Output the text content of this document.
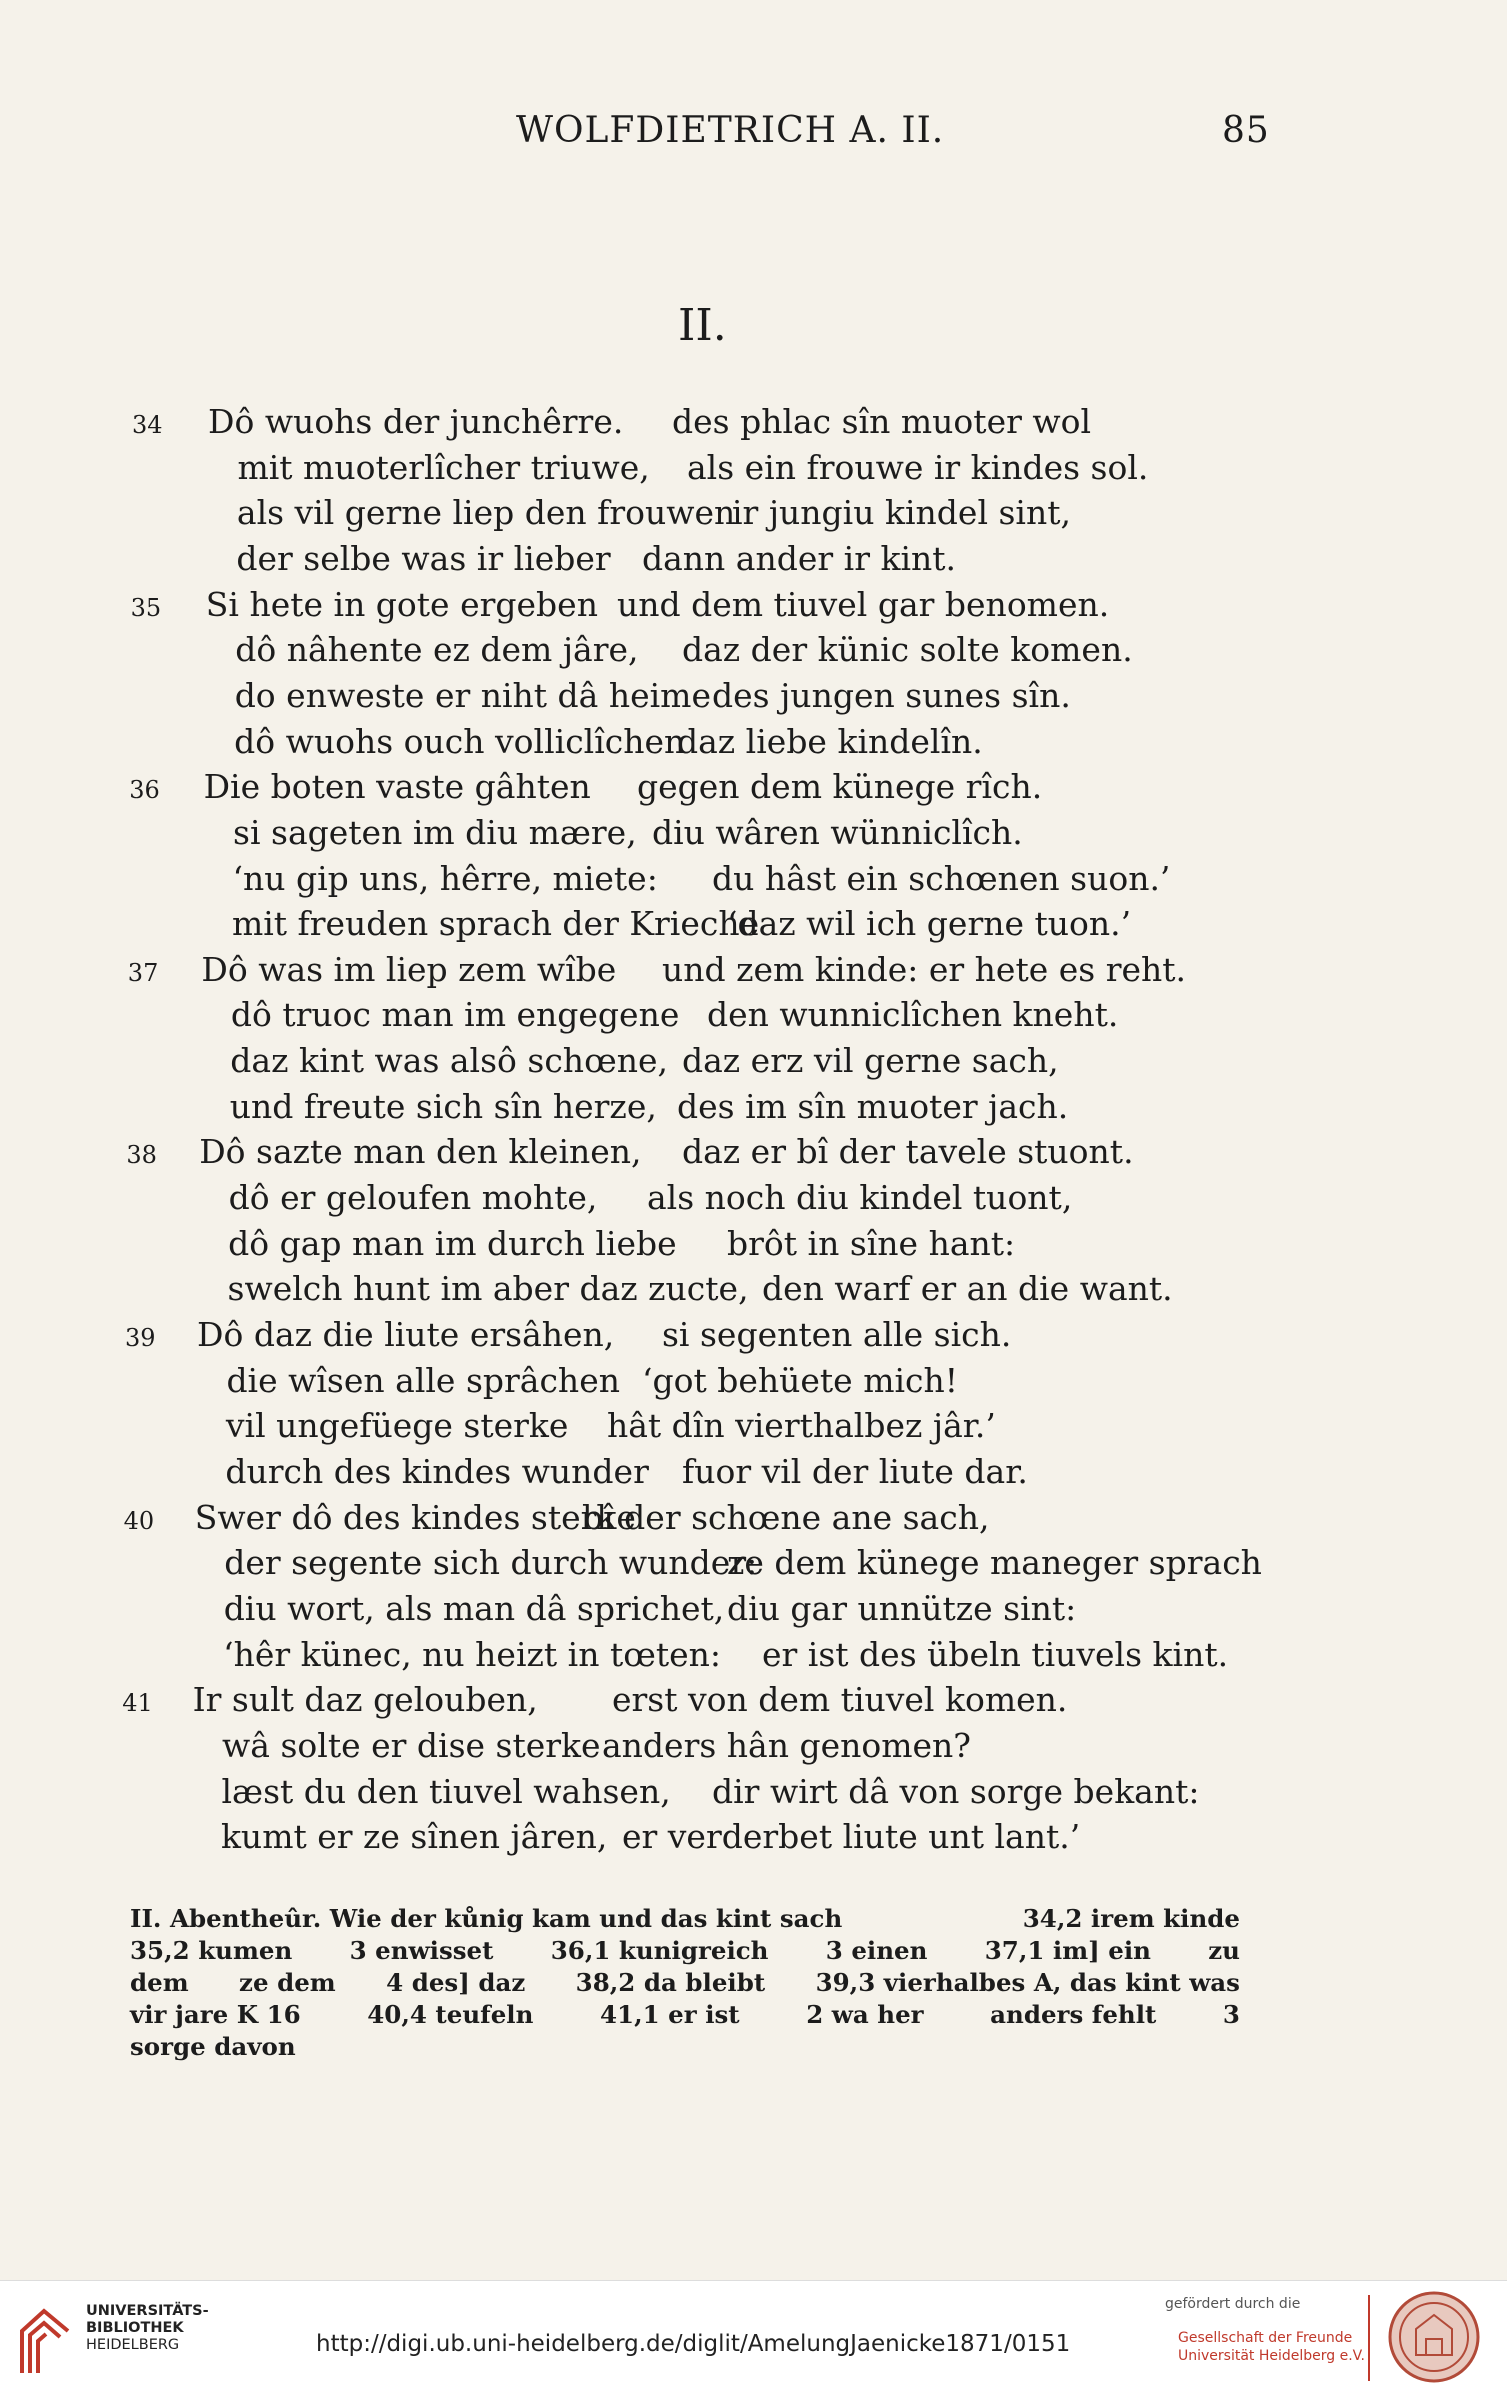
WOLFDIETRICH A. II.	85
II.
34 Dô wuohs der junchêrre. des phlac sîn muoter wol
mit muoterlîcher triuwe, als ein frouwe ir kindes sol.
als vil gerne liep den frouwen
ir jungiu kindel sint,
der selbe was ir lieber dann ander ir kint.
35 Si hete in gote ergeben und dem tiuvel gar benomen.
dô nâhente ez dem jâre, daz der künic solte komen.
do enweste er niht dâ heime des jungen sunes sîn.
dô wuohs ouch volliclîchen
daz liebe kindelîn.
36 Die boten vaste gâhten gegen dem künege rîch.
si sageten im diu mære, diu wâren wünniclîch.
‘nu gip uns, hêrre, miete: du hâst ein schœnen suon.’
mit freuden sprach der Krieche
‘daz wil ich gerne tuon.’
37 Dô was im liep zem wîbe und zem kinde: er hete es reht.
dô truoc man im engegene den wunniclîchen kneht.
daz kint was alsô schœne, daz erz vil gerne sach,
und freute sich sîn herze, des im sîn muoter jach.
38 Dô sazte man den kleinen, daz er bî der tavele stuont.
dô er geloufen mohte, als noch diu kindel tuont,
dô gap man im durch liebe brôt in sîne hant:
swelch hunt im aber daz zucte, den warf er an die want.
39 Dô daz die liute ersâhen, si segenten alle sich.
die wîsen alle sprâchen ‘got behüete mich!
vil ungefüege sterke hât dîn vierthalbez jâr.’
durch des kindes wunder fuor vil der liute dar.
40 Swer dô des kindes sterke
bî der schœne ane sach,
der segente sich durch wunder:
ze dem künege maneger sprach
diu wort, als man dâ sprichet, diu gar unnütze sint:
‘hêr künec, nu heizt in tœten: er ist des übeln tiuvels kint.
41 Ir sult daz gelouben, erst von dem tiuvel komen.
wâ solte er dise sterke anders hân genomen?
læst du den tiuvel wahsen, dir wirt dâ von sorge bekant:
kumt er ze sînen jâren, er verderbet liute unt lant.’
II. Abentheûr. Wie der kůnig kam und das kint sach	34,2 irem kinde
35,2 kumen 3 enwisset 36,1 kunigreich 3 einen 37,1 im] ein zu
dem ze dem 4 des] daz 38,2 da bleibt 39,3 vierhalbes A, das kint was
vir jare K 16	40,4 teufeln	41,1 er ist	2 wa her	anders fehlt	3
sorge davon
UNIVERSITÄTS-
BIBLIOTHEK
HEIDELBERG	http://digi.ub.uni-heidelberg.de/diglit/AmelungJaenicke1871/0151
gefördert durch die
Gesellschaft der Freunde
Universität Heidelberg e.V.
